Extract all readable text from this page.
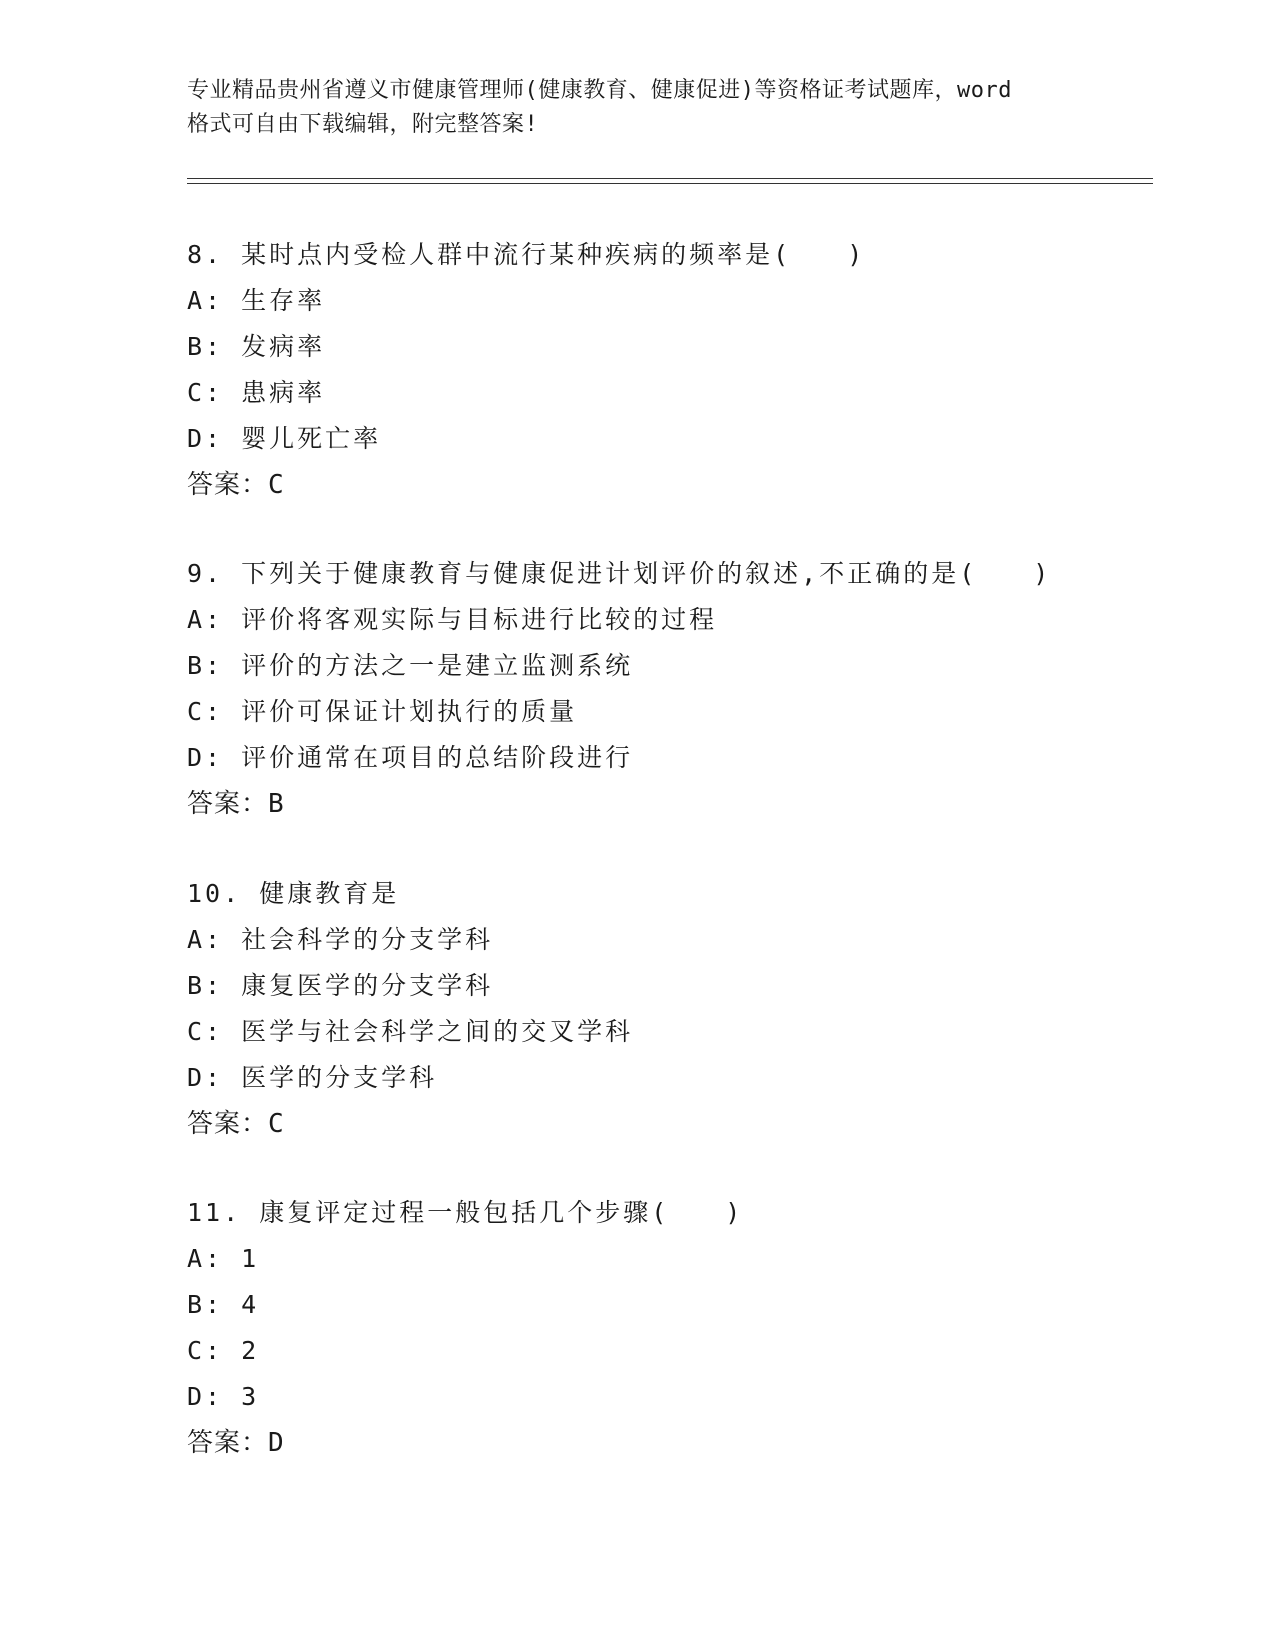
专业精品贵州省遵义市健康管理师(健康教育、健康促进)等资格证考试题库，word
格式可自由下载编辑，附完整答案!
8. 某时点内受检人群中流行某种疾病的频率是(　　)
A: 生存率
B: 发病率
C: 患病率
D: 婴儿死亡率
答案：C
9. 下列关于健康教育与健康促进计划评价的叙述,不正确的是(　　)
A: 评价将客观实际与目标进行比较的过程
B: 评价的方法之一是建立监测系统
C: 评价可保证计划执行的质量
D: 评价通常在项目的总结阶段进行
答案：B
10. 健康教育是
A: 社会科学的分支学科
B: 康复医学的分支学科
C: 医学与社会科学之间的交叉学科
D: 医学的分支学科
答案：C
11. 康复评定过程一般包括几个步骤(　　)
A: 1
B: 4
C: 2
D: 3
答案：D
